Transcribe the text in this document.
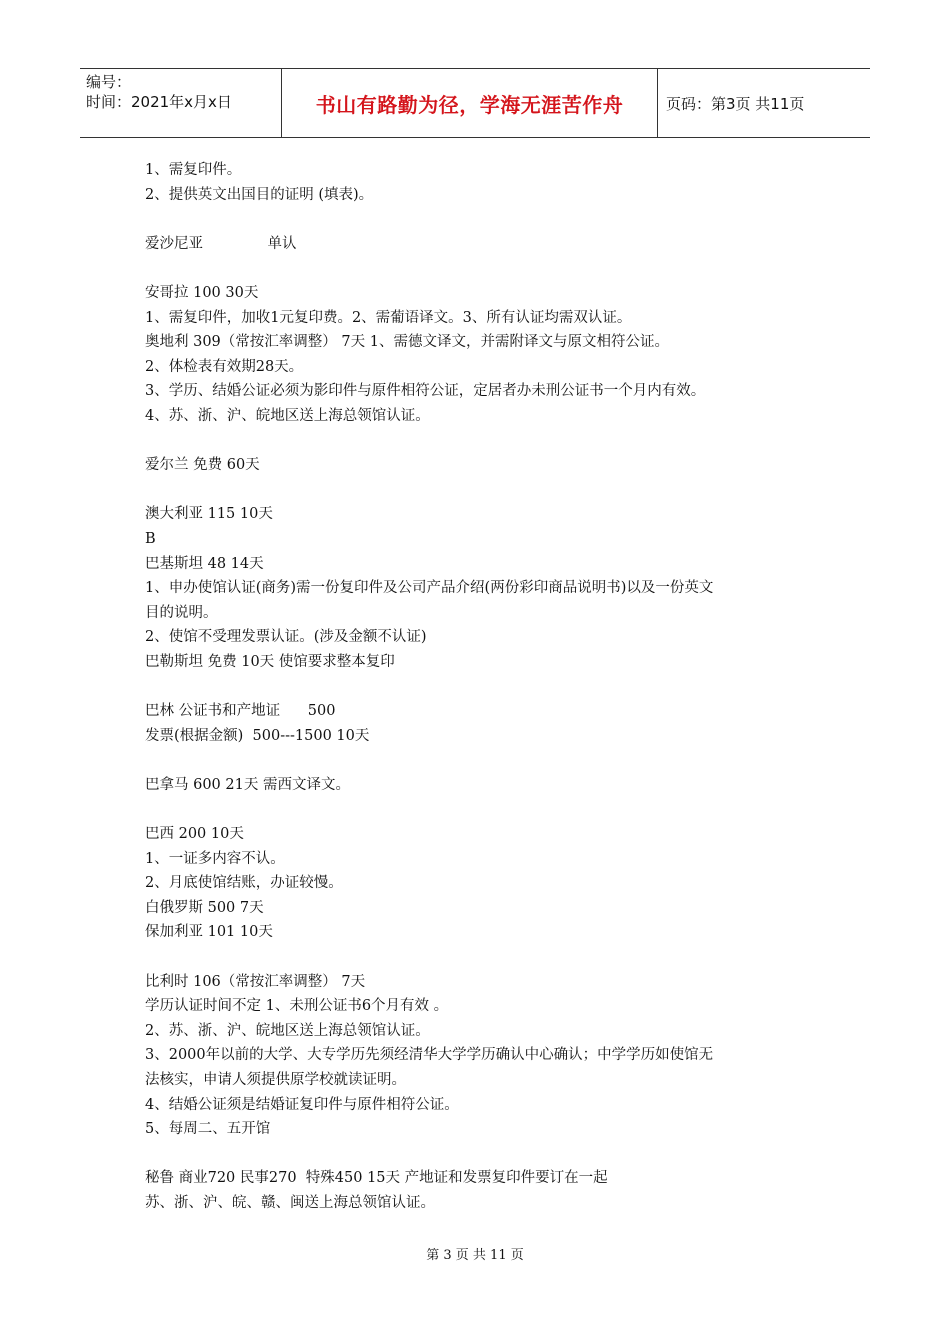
编号：
时间：2021年x月x日	书山有路勤为径，学海无涯苦作舟	页码：第3页 共11页
1、需复印件。
2、提供英文出国目的证明 (填表)。
爱沙尼亚              单认
安哥拉 100 30天
1、需复印件，加收1元复印费。2、需葡语译文。3、所有认证均需双认证。
奥地利 309（常按汇率调整） 7天 1、需德文译文，并需附译文与原文相符公证。
2、体检表有效期28天。
3、学历、结婚公证必须为影印件与原件相符公证，定居者办未刑公证书一个月内有效。
4、苏、浙、沪、皖地区送上海总领馆认证。
爱尔兰 免费 60天
澳大利亚 115 10天
B
巴基斯坦 48 14天
1、申办使馆认证(商务)需一份复印件及公司产品介绍(两份彩印商品说明书)以及一份英文
目的说明。
2、使馆不受理发票认证。(涉及金额不认证)
巴勒斯坦 免费 10天 使馆要求整本复印
巴林 公证书和产地证      500
发票(根据金额)  500---1500 10天
巴拿马 600 21天 需西文译文。
巴西 200 10天
1、一证多内容不认。
2、月底使馆结账，办证较慢。
白俄罗斯 500 7天
保加利亚 101 10天
比利时 106（常按汇率调整） 7天
学历认证时间不定 1、未刑公证书6个月有效 。
2、苏、浙、沪、皖地区送上海总领馆认证。
3、2000年以前的大学、大专学历先须经清华大学学历确认中心确认；中学学历如使馆无
法核实，申请人须提供原学校就读证明。
4、结婚公证须是结婚证复印件与原件相符公证。
5、每周二、五开馆
秘鲁 商业720 民事270  特殊450 15天 产地证和发票复印件要订在一起
苏、浙、沪、皖、赣、闽送上海总领馆认证。
第 3 页 共 11 页
